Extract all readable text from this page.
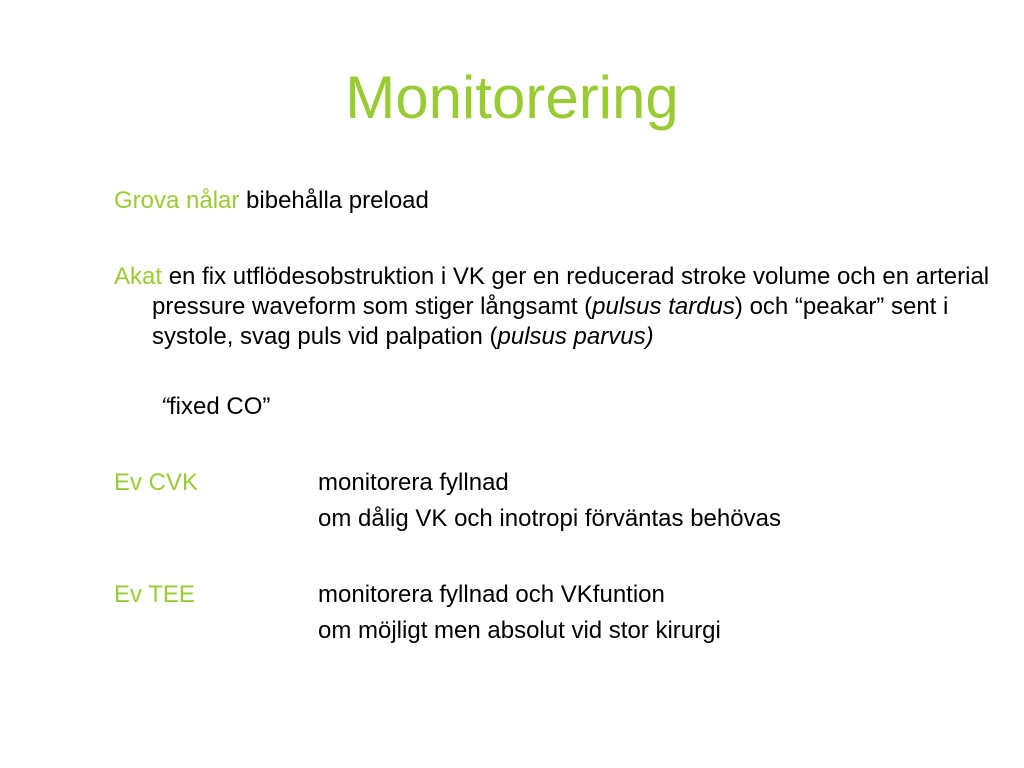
Monitorering
Grova nålar bibehålla preload
Akat en fix utflödesobstruktion i VK ger en reducerad stroke volume och en arterial pressure waveform som stiger långsamt (pulsus tardus) och “peakar” sent i systole, svag puls vid palpation (pulsus parvus)
“fixed CO”
Ev CVK	monitorera fyllnad
om dålig VK och inotropi förväntas behövas
Ev TEE	monitorera fyllnad och VKfuntion
om möjligt men absolut vid stor kirurgi
